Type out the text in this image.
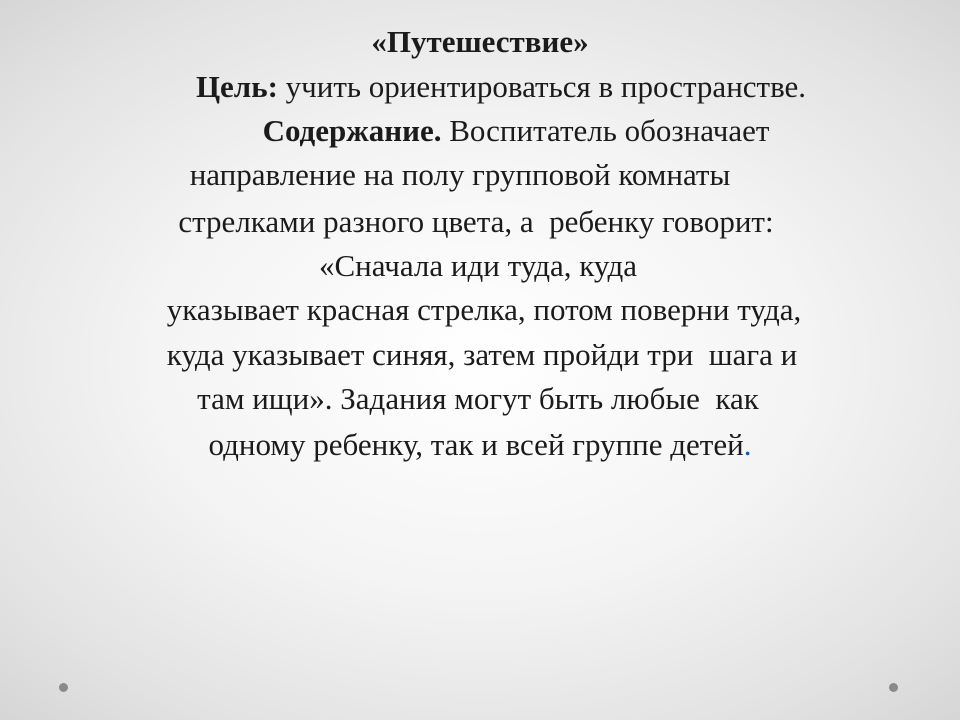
«Путешествие»
Цель: учить ориентироваться в пространстве.
Содержание. Воспитатель обозначает
направление на полу групповой комнаты
стрелками разного цвета, а  ребенку говорит:
«Сначала иди туда, куда
указывает красная стрелка, потом поверни туда,
куда указывает синяя, затем пройди три  шага и
там ищи». Задания могут быть любые  как
одному ребенку, так и всей группе детей.
